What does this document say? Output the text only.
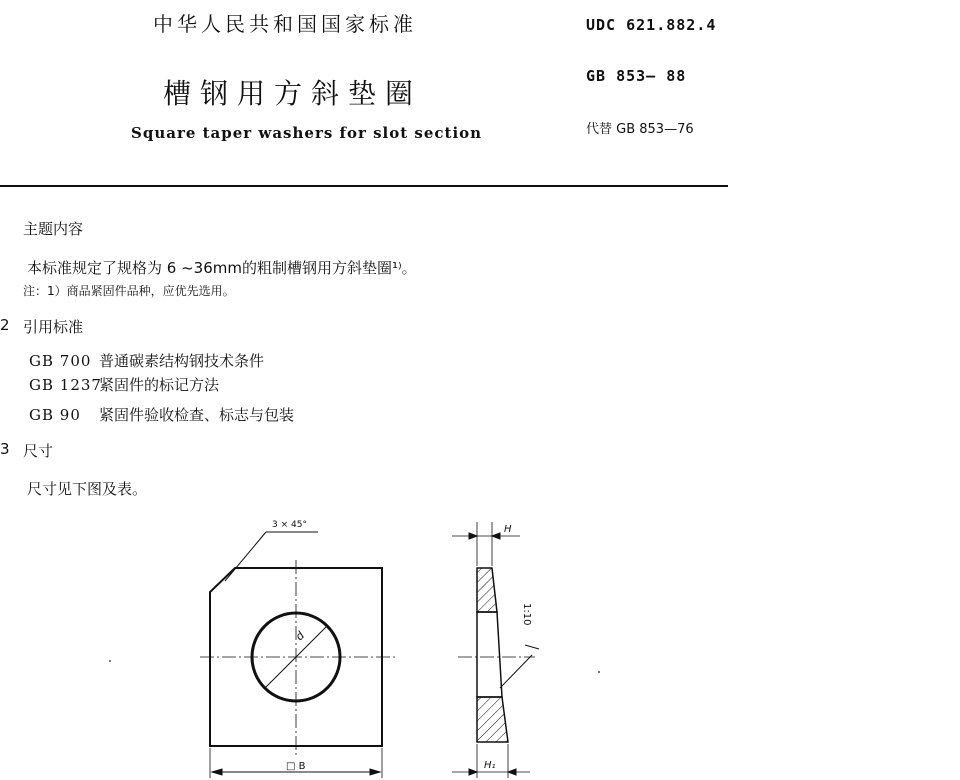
中华人民共和国国家标准
槽钢用方斜垫圈
Square taper washers for slot section
UDC 621.882.4
GB 853— 88
代替 GB 853—76
主题内容
本标准规定了规格为 6 ~36mm的粗制槽钢用方斜垫圈¹⁾。
注：1）商品紧固件品种，应优先选用。
2 引用标准
GB 700 普通碳素结构钢技术条件
GB 1237紧固件的标记方法
GB 90 紧固件验收检查、标志与包装
3 尺寸
尺寸见下图及表。
3 × 45°
d
□ B
H
H₁
1:10
